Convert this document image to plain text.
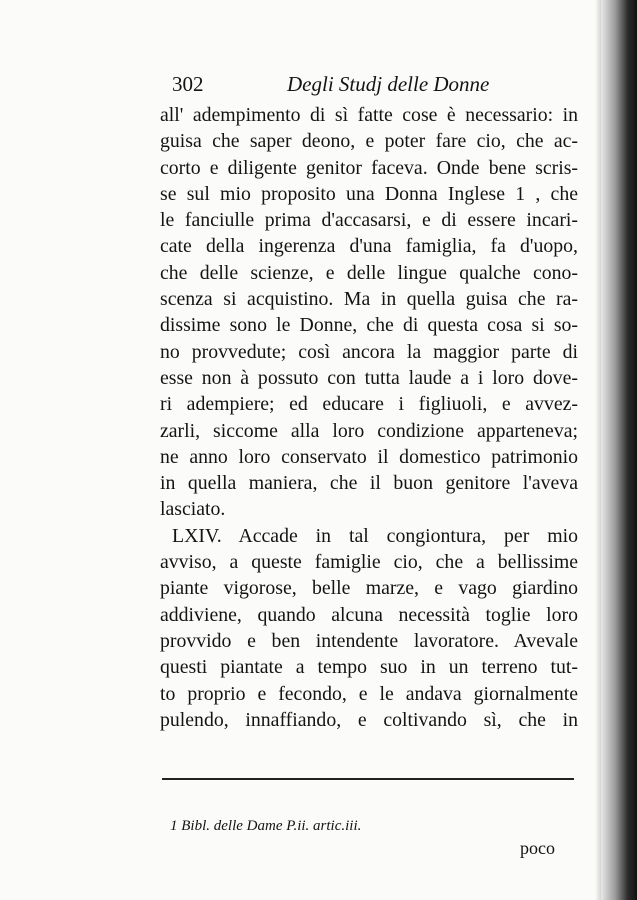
302	Degli Studj delle Donne
all' adempimento di sì fatte cose è necessario: in
guisa che saper deono, e poter fare cio, che ac-
corto e diligente genitor faceva. Onde bene scris-
se sul mio proposito una Donna Inglese 1 , che
le fanciulle prima d'accasarsi, e di essere incari-
cate della ingerenza d'una famiglia, fa d'uopo,
che delle scienze, e delle lingue qualche cono-
scenza si acquistino. Ma in quella guisa che ra-
dissime sono le Donne, che di questa cosa si so-
no provvedute; così ancora la maggior parte di
esse non à possuto con tutta laude a i loro dove-
ri adempiere; ed educare i figliuoli, e avvez-
zarli, siccome alla loro condizione apparteneva;
ne anno loro conservato il domestico patrimonio
in quella maniera, che il buon genitore l'aveva
lasciato.
LXIV. Accade in tal congiontura, per mio
avviso, a queste famiglie cio, che a bellissime
piante vigorose, belle marze, e vago giardino
addiviene, quando alcuna necessità toglie loro
provvido e ben intendente lavoratore. Avevale
questi piantate a tempo suo in un terreno tut-
to proprio e fecondo, e le andava giornalmente
pulendo, innaffiando, e coltivando sì, che in
1 Bibl. delle Dame P.ii. artic.iii.
poco
